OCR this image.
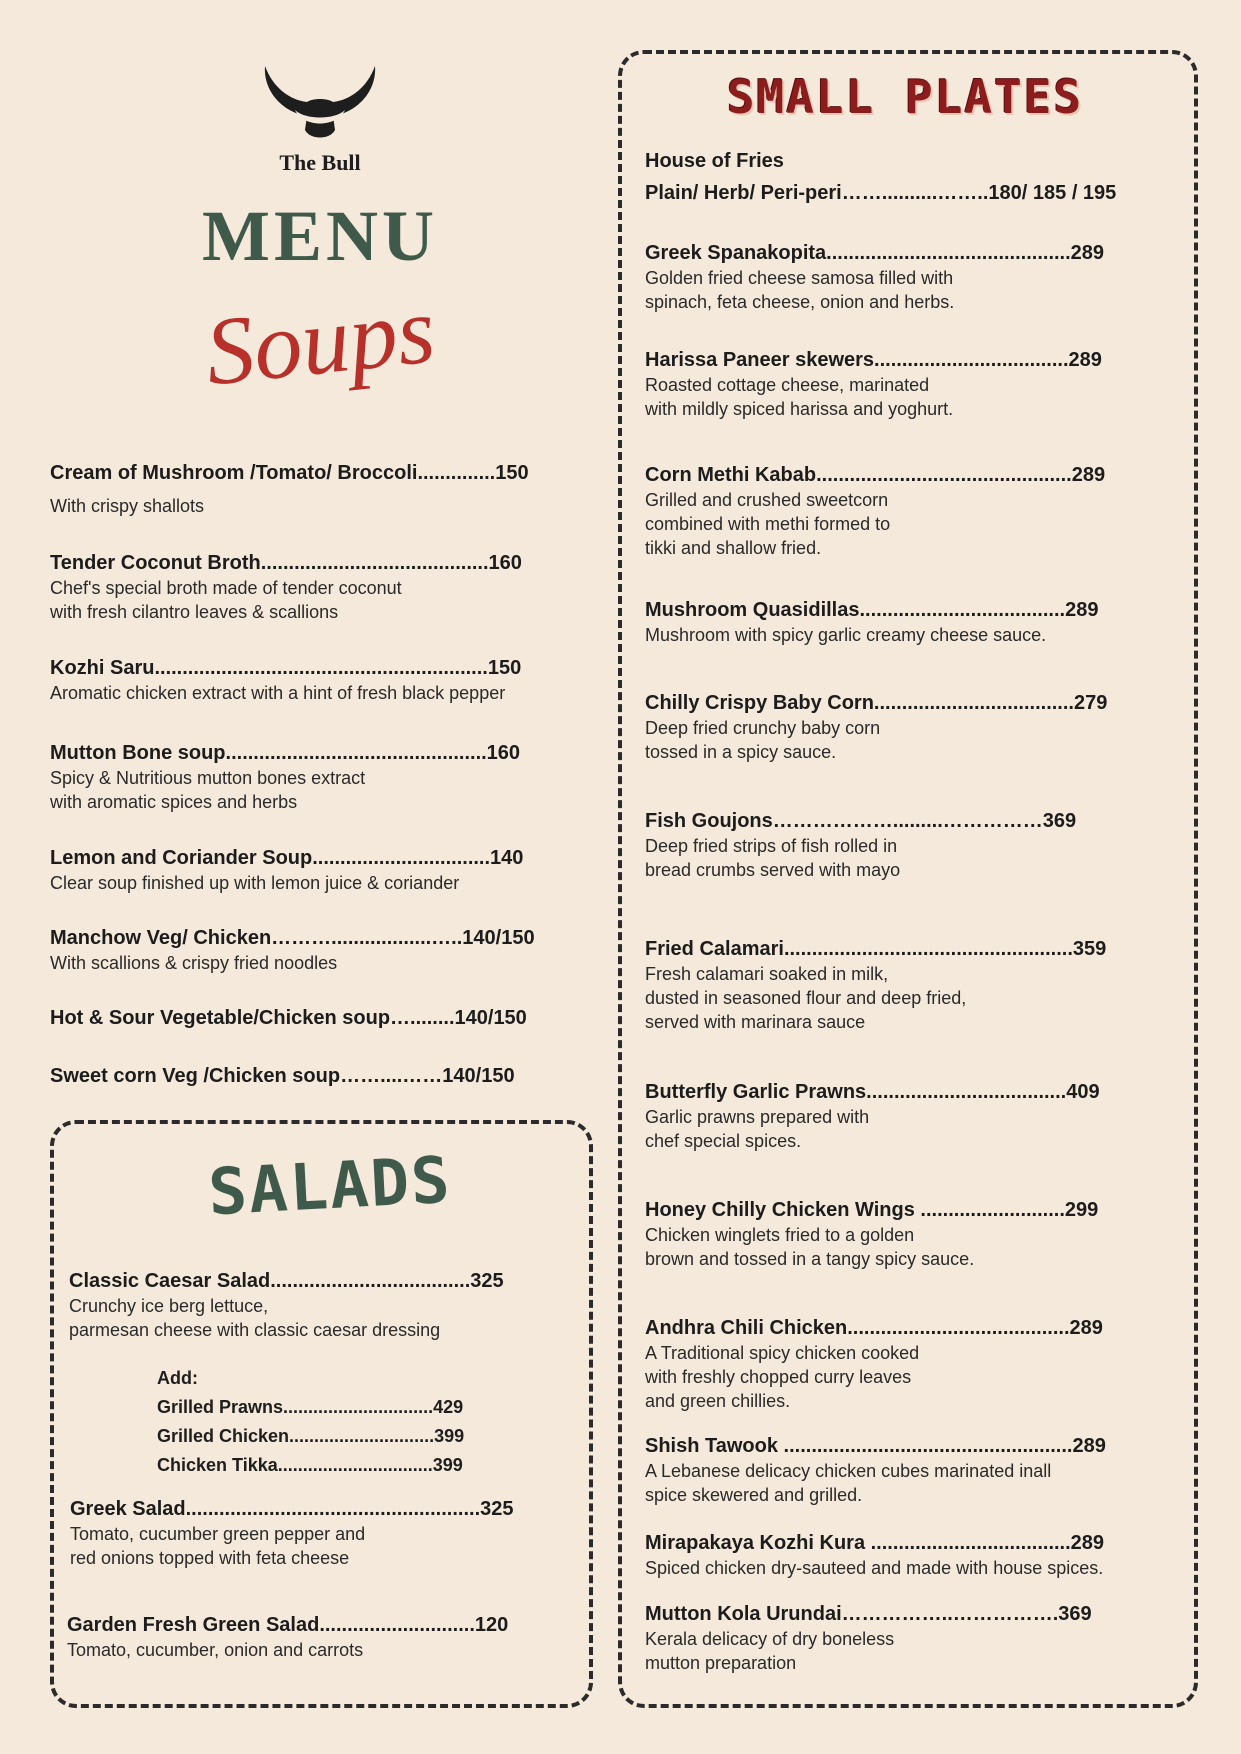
The Bull
MENU
Soups
Cream of Mushroom /Tomato/ Broccoli..............150
With crispy shallots
Tender Coconut Broth.........................................160
Chef's special broth made of tender coconut
with fresh cilantro leaves & scallions
Kozhi Saru............................................................150
Aromatic chicken extract with a hint of fresh black pepper
Mutton Bone soup...............................................160
Spicy & Nutritious mutton bones extract
with aromatic spices and herbs
Lemon and Coriander Soup................................140
Clear soup finished up with lemon juice & coriander
Manchow Veg/ Chicken………..................…..140/150
With scallions & crispy fried noodles
Hot & Sour Vegetable/Chicken soup…........140/150
Sweet corn Veg /Chicken soup……....……140/150
SALADS
Classic Caesar Salad....................................325
Crunchy ice berg lettuce,
parmesan cheese with classic caesar dressing
Greek Salad.....................................................325
Tomato, cucumber green pepper and
red onions topped with feta cheese
Garden Fresh Green Salad............................120
Tomato, cucumber, onion and carrots
Add:
Grilled Prawns..............................429
Grilled Chicken.............................399
Chicken Tikka...............................399
SMALL PLATES
House of Fries
Plain/ Herb/ Peri-peri……..........……..180/ 185 / 195
Greek Spanakopita............................................289
Golden fried cheese samosa filled with
spinach, feta cheese, onion and herbs.
Harissa Paneer skewers...................................289
Roasted cottage cheese, marinated
with mildly spiced harissa and yoghurt.
Corn Methi Kabab..............................................289
Grilled and crushed sweetcorn
combined with methi formed to
tikki and shallow fried.
Mushroom Quasidillas.....................................289
Mushroom with spicy garlic creamy cheese sauce.
Chilly Crispy Baby Corn....................................279
Deep fried crunchy baby corn
tossed in a spicy sauce.
Fish Goujons……………….........……………369
Deep fried strips of fish rolled in
bread crumbs served with mayo
Fried Calamari....................................................359
Fresh calamari soaked in milk,
dusted in seasoned flour and deep fried,
served with marinara sauce
Butterfly Garlic Prawns....................................409
Garlic prawns prepared with
chef special spices.
Honey Chilly Chicken Wings ..........................299
Chicken winglets fried to a golden
brown and tossed in a tangy spicy sauce.
Andhra Chili Chicken........................................289
A Traditional spicy chicken cooked
with freshly chopped curry leaves
and green chillies.
Shish Tawook ....................................................289
A Lebanese delicacy chicken cubes marinated inall
spice skewered and grilled.
Mirapakaya Kozhi Kura ....................................289
Spiced chicken dry-sauteed and made with house spices.
Mutton Kola Urundai……………..…………….369
Kerala delicacy of dry boneless
mutton preparation
